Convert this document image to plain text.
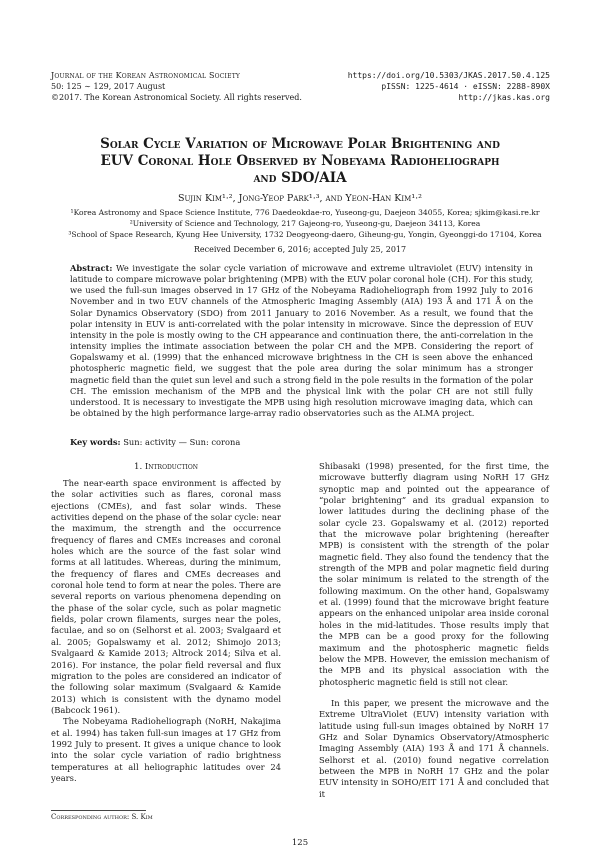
Journal of the Korean Astronomical Society
50: 125 ∼ 129, 2017 August
©2017. The Korean Astronomical Society. All rights reserved.
https://doi.org/10.5303/JKAS.2017.50.4.125
pISSN: 1225-4614 · eISSN: 2288-890X
http://jkas.kas.org
Solar Cycle Variation of Microwave Polar Brightening and
EUV Coronal Hole Observed by Nobeyama Radioheliograph
and SDO/AIA
Sujin Kim¹·², Jong-Yeop Park¹·³, and Yeon-Han Kim¹·²
¹Korea Astronomy and Space Science Institute, 776 Daedeokdae-ro, Yuseong-gu, Daejeon 34055, Korea; sjkim@kasi.re.kr
²University of Science and Technology, 217 Gajeong-ro, Yuseong-gu, Daejeon 34113, Korea
³School of Space Research, Kyung Hee University, 1732 Deogyeong-daero, Giheung-gu, Yongin, Gyeonggi-do 17104, Korea
Received December 6, 2016; accepted July 25, 2017
Abstract: We investigate the solar cycle variation of microwave and extreme ultraviolet (EUV) intensity in latitude to compare microwave polar brightening (MPB) with the EUV polar coronal hole (CH). For this study, we used the full-sun images observed in 17 GHz of the Nobeyama Radioheliograph from 1992 July to 2016 November and in two EUV channels of the Atmospheric Imaging Assembly (AIA) 193 Å and 171 Å on the Solar Dynamics Observatory (SDO) from 2011 January to 2016 November. As a result, we found that the polar intensity in EUV is anti-correlated with the polar intensity in microwave. Since the depression of EUV intensity in the pole is mostly owing to the CH appearance and continuation there, the anti-correlation in the intensity implies the intimate association between the polar CH and the MPB. Considering the report of Gopalswamy et al. (1999) that the enhanced microwave brightness in the CH is seen above the enhanced photospheric magnetic field, we suggest that the pole area during the solar minimum has a stronger magnetic field than the quiet sun level and such a strong field in the pole results in the formation of the polar CH. The emission mechanism of the MPB and the physical link with the polar CH are not still fully understood. It is necessary to investigate the MPB using high resolution microwave imaging data, which can be obtained by the high performance large-array radio observatories such as the ALMA project.
Key words: Sun: activity — Sun: corona
1. Introduction

The near-earth space environment is affected by the solar activities such as flares, coronal mass ejections (CMEs), and fast solar winds. These activities depend on the phase of the solar cycle: near the maximum, the strength and the occurrence frequency of flares and CMEs increases and coronal holes which are the source of the fast solar wind forms at all latitudes. Whereas, during the minimum, the frequency of flares and CMEs decreases and coronal hole tend to form at near the poles. There are several reports on various phenomena depending on the phase of the solar cycle, such as polar magnetic fields, polar crown filaments, surges near the poles, faculae, and so on (Selhorst et al. 2003; Svalgaard et al. 2005; Gopalswamy et al. 2012; Shimojo 2013; Svalgaard & Kamide 2013; Altrock 2014; Silva et al. 2016). For instance, the polar field reversal and flux migration to the poles are considered an indicator of the following solar maximum (Svalgaard & Kamide 2013) which is consistent with the dynamo model (Babcock 1961).

The Nobeyama Radioheliograph (NoRH, Nakajima et al. 1994) has taken full-sun images at 17 GHz from 1992 July to present. It gives a unique chance to look into the solar cycle variation of radio brightness temperatures at all heliographic latitudes over 24 years.

Shibasaki (1998) presented, for the first time, the microwave butterfly diagram using NoRH 17 GHz synoptic map and pointed out the appearance of “polar brightening” and its gradual expansion to lower latitudes during the declining phase of the solar cycle 23. Gopalswamy et al. (2012) reported that the microwave polar brightening (hereafter MPB) is consistent with the strength of the polar magnetic field. They also found the tendency that the strength of the MPB and polar magnetic field during the solar minimum is related to the strength of the following maximum. On the other hand, Gopalswamy et al. (1999) found that the microwave bright feature appears on the enhanced unipolar area inside coronal holes in the mid-latitudes. Those results imply that the MPB can be a good proxy for the following maximum and the photospheric magnetic fields below the MPB. However, the emission mechanism of the MPB and its physical association with the photospheric magnetic field is still not clear.

In this paper, we present the microwave and the Extreme UltraViolet (EUV) intensity variation with latitude using full-sun images obtained by NoRH 17 GHz and Solar Dynamics Observatory/Atmospheric Imaging Assembly (AIA) 193 Å and 171 Å channels. Selhorst et al. (2010) found negative correlation between the MPB in NoRH 17 GHz and the polar EUV intensity in SOHO/EIT 171 Å and concluded that it

Corresponding author: S. Kim
125
